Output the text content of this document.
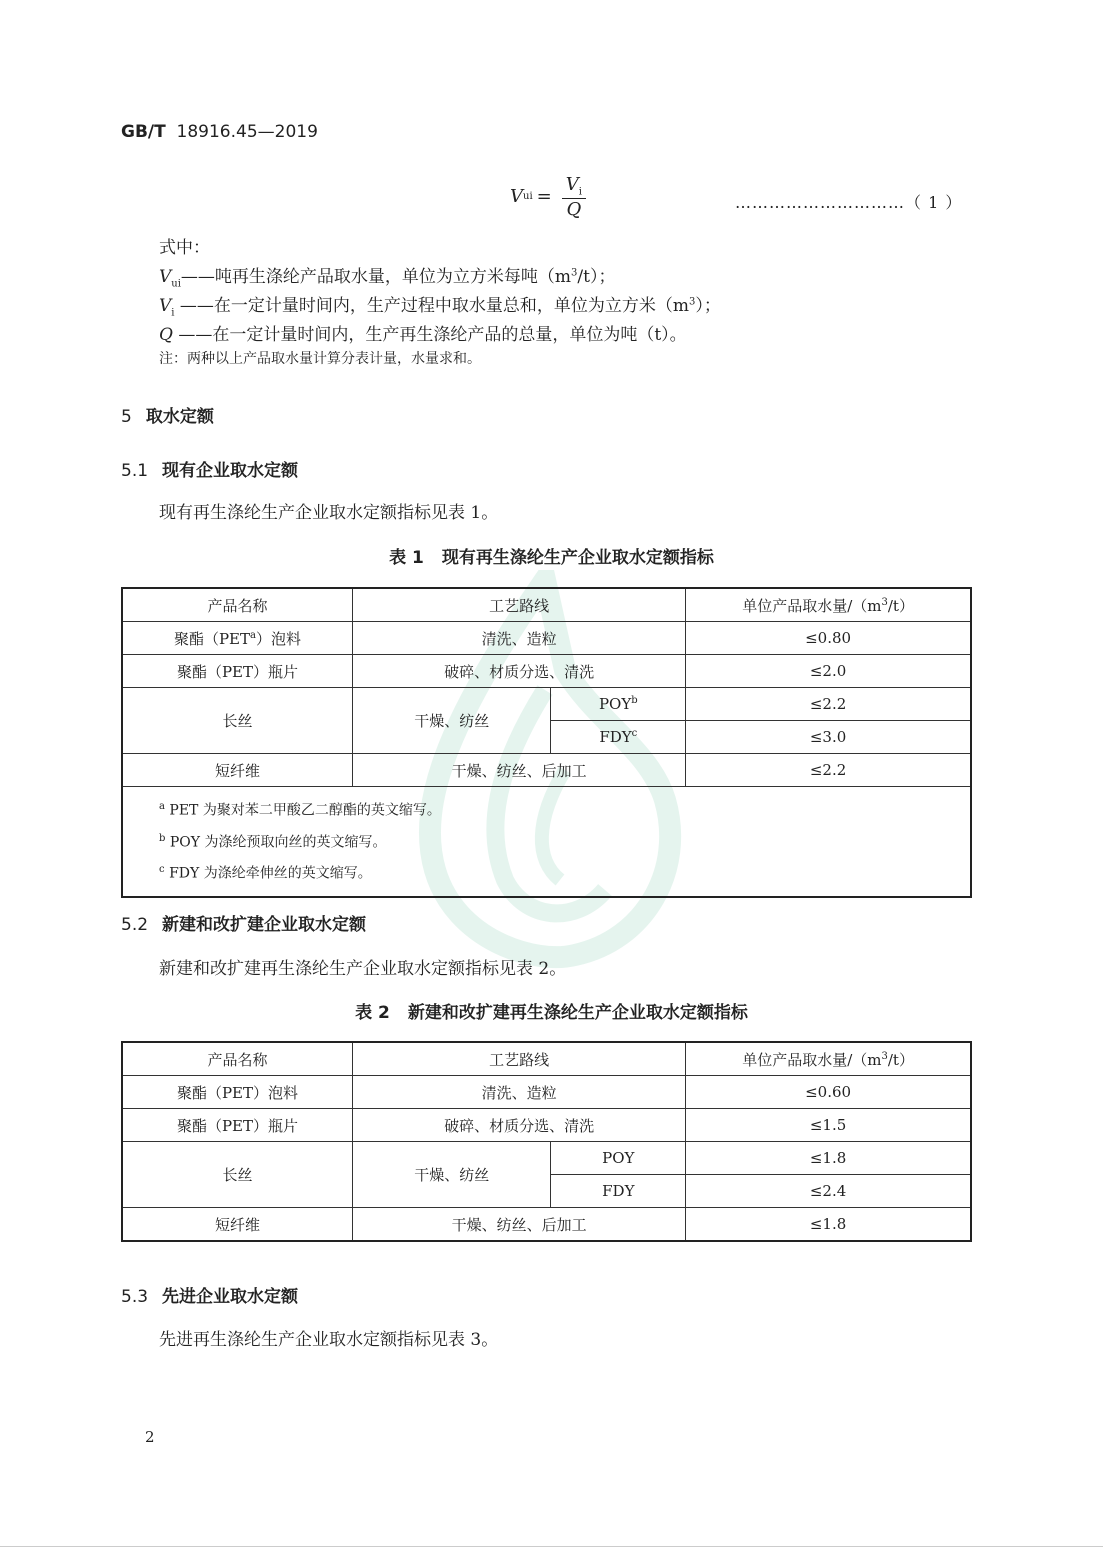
GB/T 18916.45—2019
V ui = $\frac{V_i}{Q}$	…………………………（ 1 ）
式中：
$V_{ui}——$吨再生涤纶产品取水量，单位为立方米每吨$(m^3/t)$；
$V_i$ ——在一定计量时间内，生产过程中取水量总和，单位为立方米$(m^3)$；
Q ——在一定计量时间内，生产再生涤纶产品的总量，单位为吨（t）。
注：两种以上产品取水量计算分表计量，水量求和。
5 取水定额
5.1 现有企业取水定额
现有再生涤纶生产企业取水定额指标见表 1。
表 1 现有再生涤纶生产企业取水定额指标
产品名称	工艺路线		单位产品取水量$/(m^3/t)$
聚酯（PET$^a$）泡料	清洗、造粒		≤0.80
聚酯（PET）瓶片	破碎、材质分选、清洗		≤2.0
长丝	干燥、纺丝	$POY^b$	≤2.2
		$FDY^c$	≤3.0
短纤维	干燥、纺丝、后加工		≤2.2

$^a$ PET 为聚对苯二甲酸乙二醇酯的英文缩写。
$^b$ POY 为涤纶预取向丝的英文缩写。
$^c$ FDY 为涤纶牵伸丝的英文缩写。			
5.2 新建和改扩建企业取水定额
新建和改扩建再生涤纶生产企业取水定额指标见表 2。
表 2 新建和改扩建再生涤纶生产企业取水定额指标
产品名称	工艺路线		单位产品取水量$/(m^3/t)$
聚酯（PET）泡料	清洗、造粒		≤0.60
聚酯（PET）瓶片	破碎、材质分选、清洗		≤1.5
长丝	干燥、纺丝	POY	≤1.8
		FDY	≤2.4
短纤维	干燥、纺丝、后加工		≤1.8
5.3 先进企业取水定额
先进再生涤纶生产企业取水定额指标见表 3。
2
